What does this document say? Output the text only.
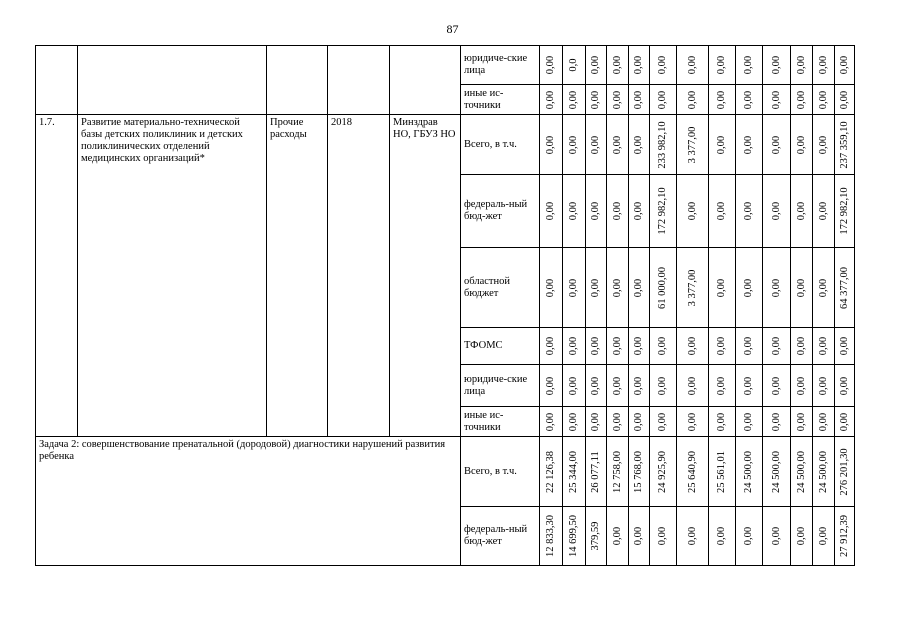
87
					юридиче-ские лица	0,00	0,0	0,00	0,00	0,00	0,00	0,00	0,00	0,00	0,00	0,00	0,00	0,00

					иные ис-точники	0,00	0,00	0,00	0,00	0,00	0,00	0,00	0,00	0,00	0,00	0,00	0,00	0,00

1.7.	Развитие материально-технической базы детских поликлиник и детских поликлинических отделений медицинских организаций*	Прочие расходы	2018	Минздрав НО, ГБУЗ НО	Всего, в т.ч.	0,00	0,00	0,00	0,00	0,00	233 982,10	3 377,00	0,00	0,00	0,00	0,00	0,00	237 359,10

					федераль-ный бюд-жет	0,00	0,00	0,00	0,00	0,00	172 982,10	0,00	0,00	0,00	0,00	0,00	0,00	172 982,10

					областной бюджет	0,00	0,00	0,00	0,00	0,00	61 000,00	3 377,00	0,00	0,00	0,00	0,00	0,00	64 377,00

					ТФОМС	0,00	0,00	0,00	0,00	0,00	0,00	0,00	0,00	0,00	0,00	0,00	0,00	0,00

					юридиче-ские лица	0,00	0,00	0,00	0,00	0,00	0,00	0,00	0,00	0,00	0,00	0,00	0,00	0,00

					иные ис-точники	0,00	0,00	0,00	0,00	0,00	0,00	0,00	0,00	0,00	0,00	0,00	0,00	0,00

Задача 2: совершенствование пренатальной (дородовой) диагностики нарушений развития ребенка					Всего, в т.ч.	22 126,38	25 344,00	26 077,11	12 758,00	15 768,00	24 925,90	25 640,90	25 561,01	24 500,00	24 500,00	24 500,00	24 500,00	276 201,30

					федераль-ный бюд-жет	12 833,30	14 699,50	379,59	0,00	0,00	0,00	0,00	0,00	0,00	0,00	0,00	0,00	27 912,39
